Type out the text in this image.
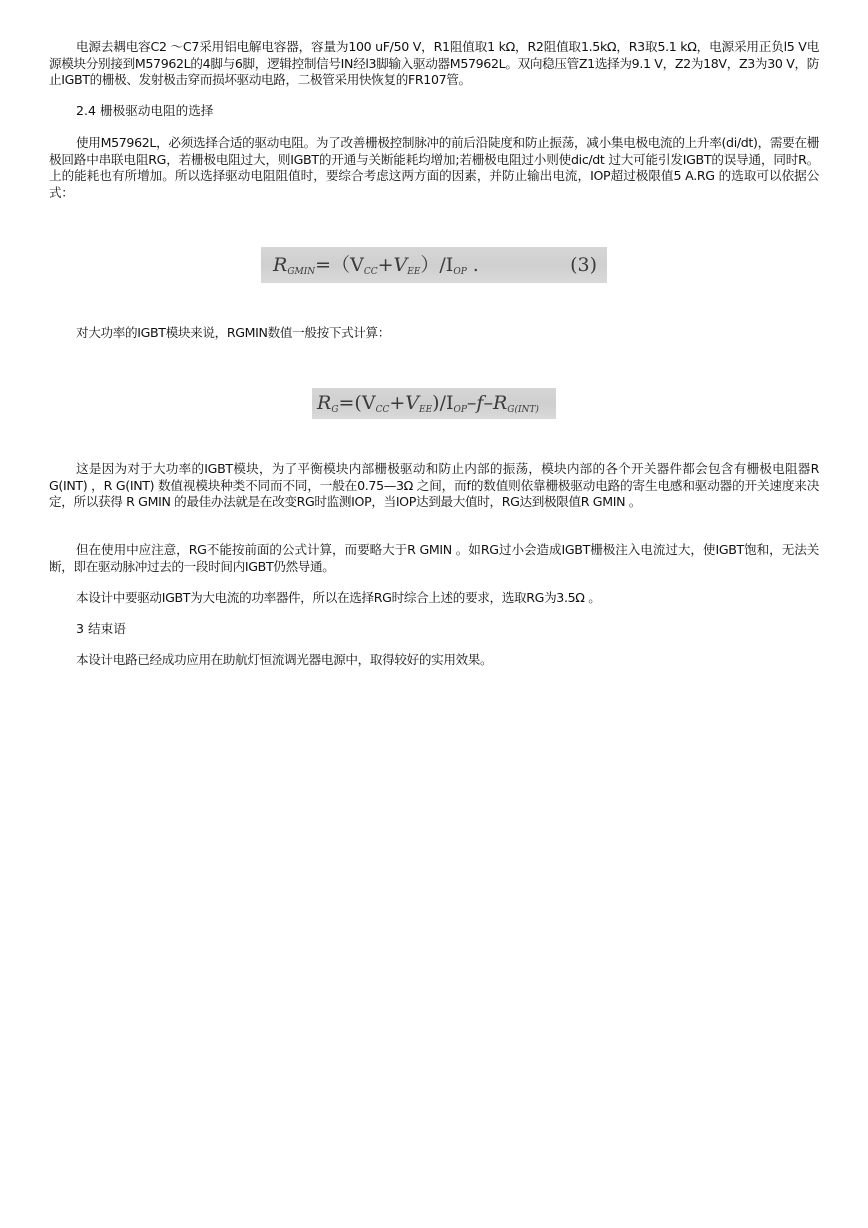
电源去耦电容C2 ～C7采用铝电解电容器，容量为100 uF/50 V，R1阻值取1 kΩ，R2阻值取1.5kΩ，R3取5.1 kΩ，电源采用正负l5 V电源模块分别接到M57962L的4脚与6脚，逻辑控制信号IN经l3脚输入驱动器M57962L。双向稳压管Z1选择为9.1 V，Z2为18V，Z3为30 V，防止IGBT的栅极、发射极击穿而损坏驱动电路，二极管采用快恢复的FR107管。

2.4 栅极驱动电阻的选择

使用M57962L，必须选择合适的驱动电阻。为了改善栅极控制脉冲的前后沿陡度和防止振荡，减小集电极电流的上升率(di/dt)，需要在栅极回路中串联电阻RG，若栅极电阻过大，则IGBT的开通与关断能耗均增加;若栅极电阻过小则使dic/dt 过大可能引发IGBT的误导通，同时R。上的能耗也有所增加。所以选择驱动电阻阻值时，要综合考虑这两方面的因素，并防止输出电流，IOP超过极限值5 A.RG 的选取可以依据公式：

$R_{GMIN}=(V_{CC}+V_{EE})/I_{OP}$ .	(3)

对大功率的IGBT模块来说，RGMIN数值一般按下式计算：

$R_G=(V_{CC}+V_{EE})/I_{OP}-f-R_{G(INT)}$

这是因为对于大功率的IGBT模块，为了平衡模块内部栅极驱动和防止内部的振荡，模块内部的各个开关器件都会包含有栅极电阻器R G(INT) ，R G(INT) 数值视模块种类不同而不同，一般在0.75—3Ω 之间，而f的数值则依靠栅极驱动电路的寄生电感和驱动器的开关速度来决定，所以获得 R GMIN 的最佳办法就是在改变RG时监测IOP，当IOP达到最大值时，RG达到极限值R GMIN 。

但在使用中应注意，RG不能按前面的公式计算，而要略大于R GMIN 。如RG过小会造成IGBT栅极注入电流过大，使IGBT饱和，无法关断，即在驱动脉冲过去的一段时间内IGBT仍然导通。

本设计中要驱动IGBT为大电流的功率器件，所以在选择RG时综合上述的要求，选取RG为3.5Ω 。

3 结束语

本设计电路已经成功应用在助航灯恒流调光器电源中，取得较好的实用效果。
